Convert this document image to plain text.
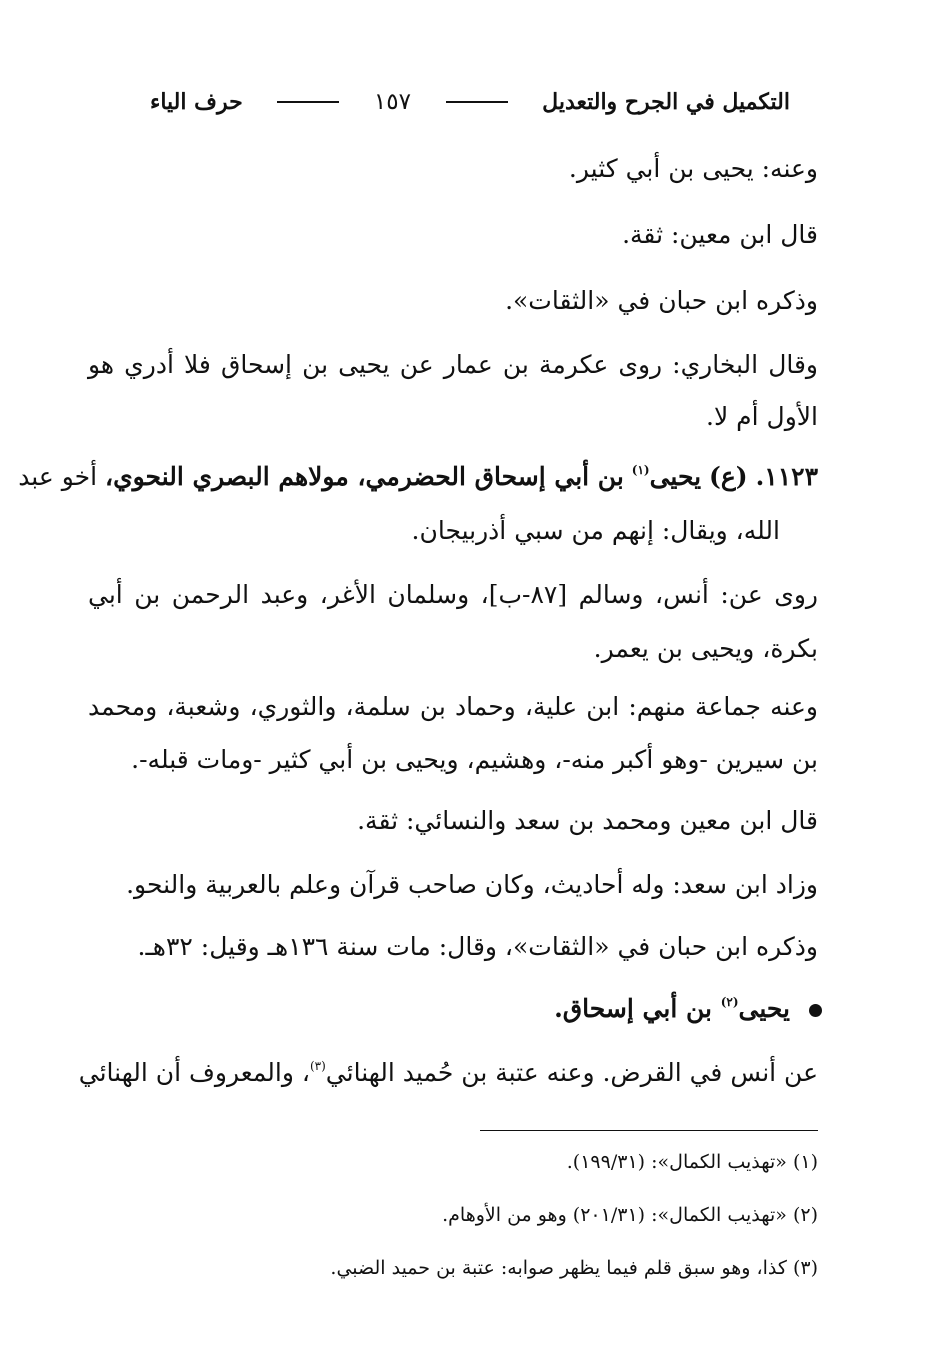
التكميل في الجرح والتعديل
١٥٧
حرف الياء
وعنه: يحيى بن أبي كثير.
قال ابن معين: ثقة.
وذكره ابن حبان في «الثقات».
وقال البخاري: روى عكرمة بن عمار عن يحيى بن إسحاق فلا أدري هو
الأول أم لا.
١١٢٣. (ع) يحيى$^{(١)}$ بن أبي إسحاق الحضرمي، مولاهم البصري النحوي، أخو عبد
الله، ويقال: إنهم من سبي أذربيجان.
روى عن: أنس، وسالم [٨٧-ب]، وسلمان الأغر، وعبد الرحمن بن أبي
بكرة، ويحيى بن يعمر.
وعنه جماعة منهم: ابن علية، وحماد بن سلمة، والثوري، وشعبة، ومحمد
بن سيرين -وهو أكبر منه-، وهشيم، ويحيى بن أبي كثير -ومات قبله-.
قال ابن معين ومحمد بن سعد والنسائي: ثقة.
وزاد ابن سعد: وله أحاديث، وكان صاحب قرآن وعلم بالعربية والنحو.
وذكره ابن حبان في «الثقات»، وقال: مات سنة ١٣٦هـ وقيل: ٣٢هـ.
يحيى$^{(٢)}$ بن أبي إسحاق.
عن أنس في القرض. وعنه عتبة بن حُميد الهنائي$^{(٣)}$، والمعروف أن الهنائي
(١) «تهذيب الكمال»: (١٩٩/٣١).
(٢) «تهذيب الكمال»: (٢٠١/٣١) وهو من الأوهام.
(٣) كذا، وهو سبق قلم فيما يظهر صوابه: عتبة بن حميد الضبي.
